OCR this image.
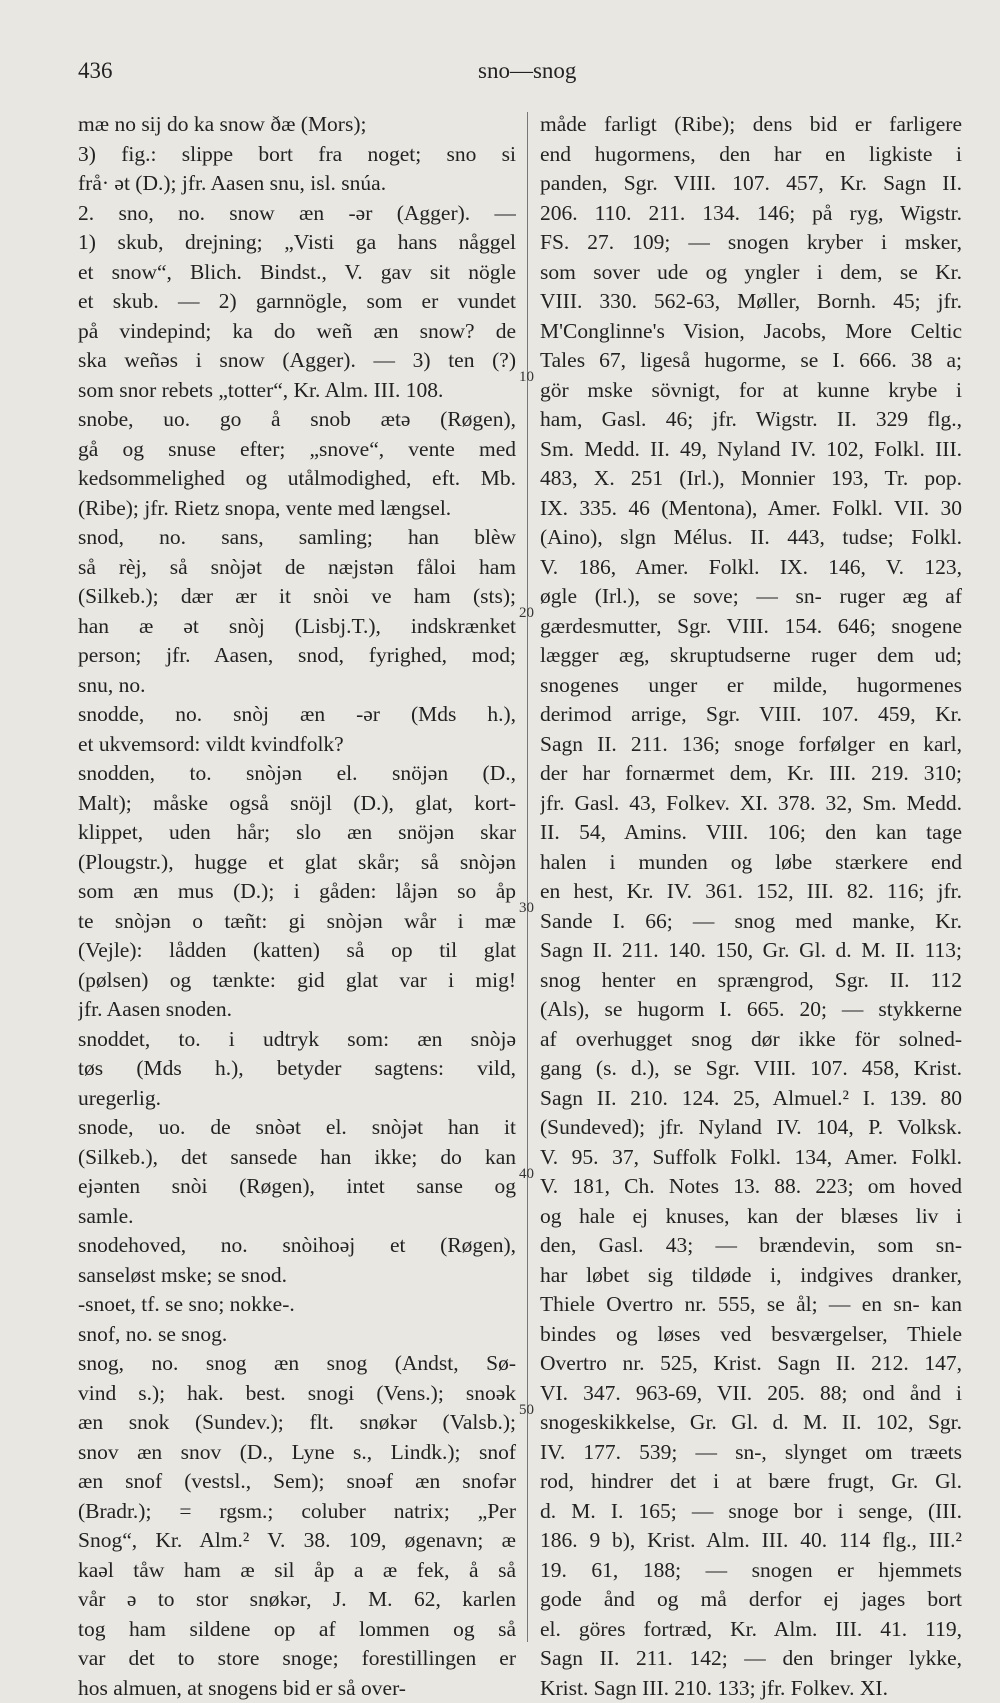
436	sno—snog
mæ no sij do ka snow ðæ (Mors);
3) fig.: slippe bort fra noget; sno si
frå· ət (D.); jfr. Aasen snu, isl. snúa.
2. sno, no. snow æn -ər (Agger). —
1) skub, drejning; „Visti ga hans någgel
et snow“, Blich. Bindst., V. gav sit nögle
et skub. — 2) garnnögle, som er vundet
på vindepind; ka do weñ æn snow? de
ska weñəs i snow (Agger). — 3) ten (?)
som snor rebets „totter“, Kr. Alm. III. 108.
snobe, uo. go å snob ætə (Røgen),
gå og snuse efter; „snove“, vente med
kedsommelighed og utålmodighed, eft. Mb.
(Ribe); jfr. Rietz snopa, vente med længsel.
snod, no. sans, samling; han blèw
så rèj, så snòjət de næjstən fåloi ham
(Silkeb.); dær ær it snòi ve ham (sts);
han æ ət snòj (Lisbj.T.), indskrænket
person; jfr. Aasen, snod, fyrighed, mod;
snu, no.
snodde, no. snòj æn -ər (Mds h.),
et ukvemsord: vildt kvindfolk?
snodden, to. snòjən el. snöjən (D.,
Malt); måske også snöjl (D.), glat, kort-
klippet, uden hår; slo æn snöjən skar
(Plougstr.), hugge et glat skår; så snòjən
som æn mus (D.); i gåden: låjən so åp
te snòjən o tæñt: gi snòjən wår i mæ
(Vejle): lådden (katten) så op til glat
(pølsen) og tænkte: gid glat var i mig!
jfr. Aasen snoden.
snoddet, to. i udtryk som: æn snòjə
tøs (Mds h.), betyder sagtens: vild,
uregerlig.
snode, uo. de snòət el. snòjət han it
(Silkeb.), det sansede han ikke; do kan
ejənten snòi (Røgen), intet sanse og
samle.
snodehoved, no. snòihoəj et (Røgen),
sanseløst mske; se snod.
-snoet, tf. se sno; nokke-.
snof, no. se snog.
snog, no. snog æn snog (Andst, Sø-
vind s.); hak. best. snogi (Vens.); snoək
æn snok (Sundev.); flt. snøkər (Valsb.);
snov æn snov (D., Lyne s., Lindk.); snof
æn snof (vestsl., Sem); snoəf æn snofər
(Bradr.); = rgsm.; coluber natrix; „Per
Snog“, Kr. Alm.² V. 38. 109, øgenavn; æ
kaəl tåw ham æ sil åp a æ fek, å så
vår ə to stor snøkər, J. M. 62, karlen
tog ham sildene op af lommen og så
var det to store snoge; forestillingen er
hos almuen, at snogens bid er så over-
måde farligt (Ribe); dens bid er farligere
end hugormens, den har en ligkiste i
panden, Sgr. VIII. 107. 457, Kr. Sagn II.
206. 110. 211. 134. 146; på ryg, Wigstr.
FS. 27. 109; — snogen kryber i msker,
som sover ude og yngler i dem, se Kr.
VIII. 330. 562-63, Møller, Bornh. 45; jfr.
M'Conglinne's Vision, Jacobs, More Celtic
Tales 67, ligeså hugorme, se I. 666. 38 a;
gör mske sövnigt, for at kunne krybe i
ham, Gasl. 46; jfr. Wigstr. II. 329 flg.,
Sm. Medd. II. 49, Nyland IV. 102, Folkl. III.
483, X. 251 (Irl.), Monnier 193, Tr. pop.
IX. 335. 46 (Mentona), Amer. Folkl. VII. 30
(Aino), slgn Mélus. II. 443, tudse; Folkl.
V. 186, Amer. Folkl. IX. 146, V. 123,
øgle (Irl.), se sove; — sn- ruger æg af
gærdesmutter, Sgr. VIII. 154. 646; snogene
lægger æg, skruptudserne ruger dem ud;
snogenes unger er milde, hugormenes
derimod arrige, Sgr. VIII. 107. 459, Kr.
Sagn II. 211. 136; snoge forfølger en karl,
der har fornærmet dem, Kr. III. 219. 310;
jfr. Gasl. 43, Folkev. XI. 378. 32, Sm. Medd.
II. 54, Amins. VIII. 106; den kan tage
halen i munden og løbe stærkere end
en hest, Kr. IV. 361. 152, III. 82. 116; jfr.
Sande I. 66; — snog med manke, Kr.
Sagn II. 211. 140. 150, Gr. Gl. d. M. II. 113;
snog henter en sprængrod, Sgr. II. 112
(Als), se hugorm I. 665. 20; — stykkerne
af overhugget snog dør ikke för solned-
gang (s. d.), se Sgr. VIII. 107. 458, Krist.
Sagn II. 210. 124. 25, Almuel.² I. 139. 80
(Sundeved); jfr. Nyland IV. 104, P. Volksk.
V. 95. 37, Suffolk Folkl. 134, Amer. Folkl.
V. 181, Ch. Notes 13. 88. 223; om hoved
og hale ej knuses, kan der blæses liv i
den, Gasl. 43; — brændevin, som sn-
har løbet sig tildøde i, indgives dranker,
Thiele Overtro nr. 555, se ål; — en sn- kan
bindes og løses ved besværgelser, Thiele
Overtro nr. 525, Krist. Sagn II. 212. 147,
VI. 347. 963-69, VII. 205. 88; ond ånd i
snogeskikkelse, Gr. Gl. d. M. II. 102, Sgr.
IV. 177. 539; — sn-, slynget om træets
rod, hindrer det i at bære frugt, Gr. Gl.
d. M. I. 165; — snoge bor i senge, (III.
186. 9 b), Krist. Alm. III. 40. 114 flg., III.²
19. 61, 188; — snogen er hjemmets
gode ånd og må derfor ej jages bort
el. göres fortræd, Kr. Alm. III. 41. 119,
Sagn II. 211. 142; — den bringer lykke,
Krist. Sagn III. 210. 133; jfr. Folkev. XI.
10
20
30
40
50
